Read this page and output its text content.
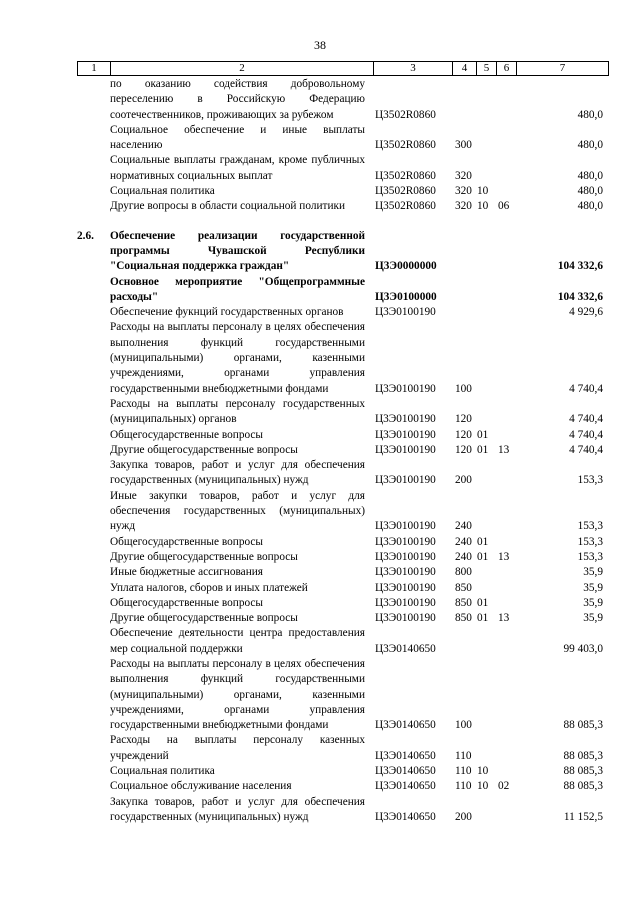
38
1	2	3	4	5	6	7
по оказанию содействия добровольному переселению в Российскую Федерацию соотечественников, проживающих за рубежом	Ц3502R0860	480,0
Социальное обеспечение и иные выплаты населению	Ц3502R0860 300	480,0
Социальные выплаты гражданам, кроме публичных нормативных социальных выплат	Ц3502R0860 320	480,0
Социальная политика	Ц3502R0860 320 10	480,0
Другие вопросы в области социальной политики	Ц3502R0860 320 10 06	480,0
2.6.	Обеспечение реализации государственной программы Чувашской Республики "Социальная поддержка граждан"	Ц3Э0000000	104 332,6
Основное мероприятие "Общепрограммные расходы"	Ц3Э0100000	104 332,6
Обеспечение фукнций государственных органов	Ц3Э0100190	4 929,6
Расходы на выплаты персоналу в целях обеспечения выполнения функций государственными (муниципальными) органами, казенными учреждениями, органами управления государственными внебюджетными фондами	Ц3Э0100190 100	4 740,4
Расходы на выплаты персоналу государственных (муниципальных) органов	Ц3Э0100190 120	4 740,4
Общегосударственные вопросы	Ц3Э0100190 120 01	4 740,4
Другие общегосударственные вопросы	Ц3Э0100190 120 01 13	4 740,4
Закупка товаров, работ и услуг для обеспечения государственных (муниципальных) нужд	Ц3Э0100190 200	153,3
Иные закупки товаров, работ и услуг для обеспечения государственных (муниципальных) нужд	Ц3Э0100190 240	153,3
Общегосударственные вопросы	Ц3Э0100190 240 01	153,3
Другие общегосударственные вопросы	Ц3Э0100190 240 01 13	153,3
Иные бюджетные ассигнования	Ц3Э0100190 800	35,9
Уплата налогов, сборов и иных платежей	Ц3Э0100190 850	35,9
Общегосударственные вопросы	Ц3Э0100190 850 01	35,9
Другие общегосударственные вопросы	Ц3Э0100190 850 01 13	35,9
Обеспечение деятельности центра предоставления мер социальной поддержки	Ц3Э0140650	99 403,0
Расходы на выплаты персоналу в целях обеспечения выполнения функций государственными (муниципальными) органами, казенными учреждениями, органами управления государственными внебюджетными фондами	Ц3Э0140650 100	88 085,3
Расходы на выплаты персоналу казенных учреждений	Ц3Э0140650 110	88 085,3
Социальная политика	Ц3Э0140650 110 10	88 085,3
Социальное обслуживание населения	Ц3Э0140650 110 10 02	88 085,3
Закупка товаров, работ и услуг для обеспечения государственных (муниципальных) нужд	Ц3Э0140650 200	11 152,5
